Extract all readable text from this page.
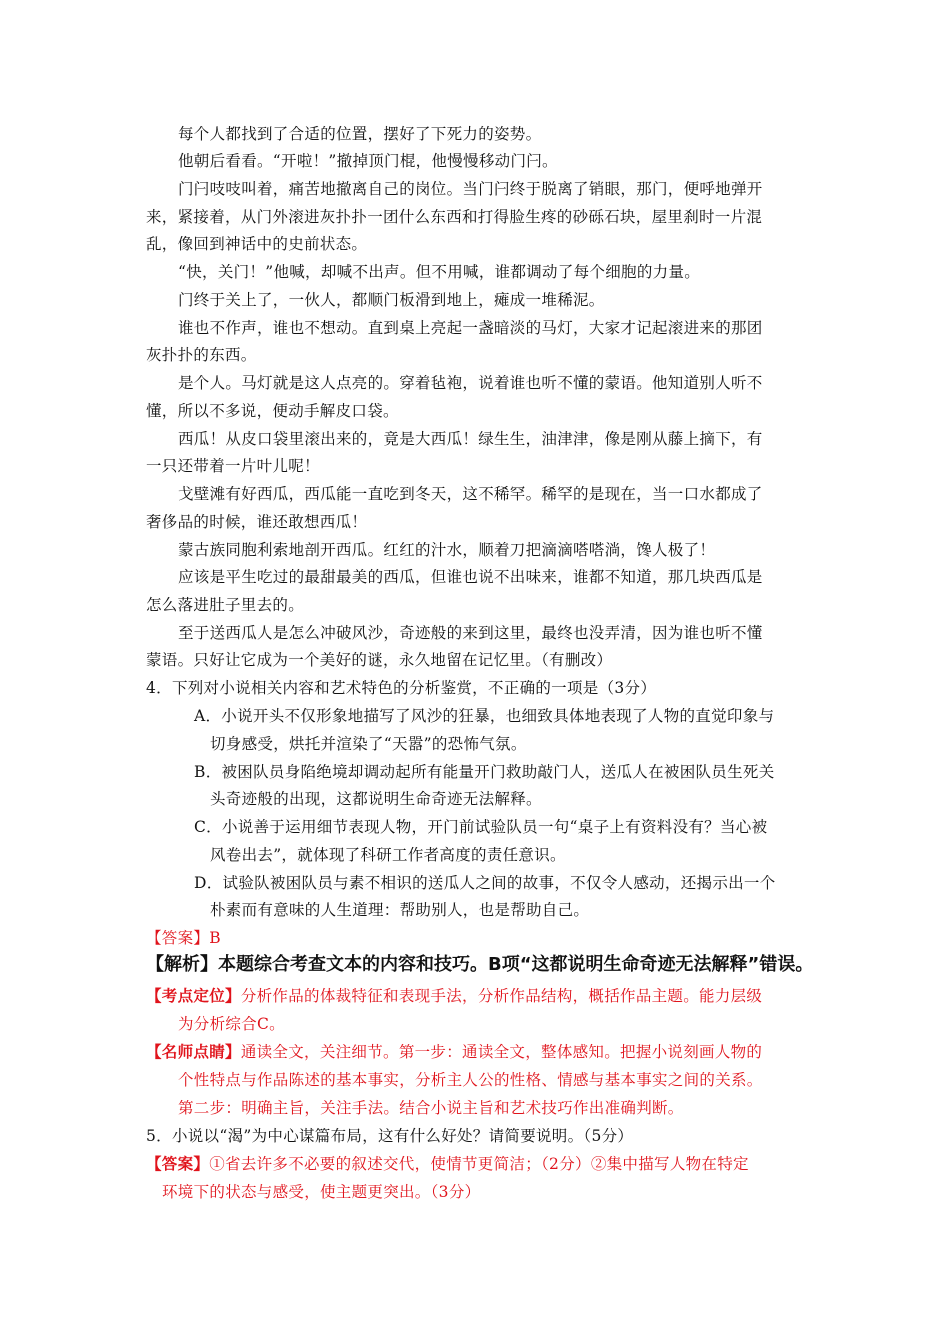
每个人都找到了合适的位置，摆好了下死力的姿势。
他朝后看看。“开啦！”撤掉顶门棍，他慢慢移动门闩。
门闩吱吱叫着，痛苦地撤离自己的岗位。当门闩终于脱离了销眼，那门，便呼地弹开
来，紧接着，从门外滚进灰扑扑一团什么东西和打得脸生疼的砂砾石块，屋里刹时一片混
乱，像回到神话中的史前状态。
“快，关门！”他喊，却喊不出声。但不用喊，谁都调动了每个细胞的力量。
门终于关上了，一伙人，都顺门板滑到地上，瘫成一堆稀泥。
谁也不作声，谁也不想动。直到桌上亮起一盏暗淡的马灯，大家才记起滚进来的那团
灰扑扑的东西。
是个人。马灯就是这人点亮的。穿着毡袍，说着谁也听不懂的蒙语。他知道别人听不
懂，所以不多说，便动手解皮口袋。
西瓜！从皮口袋里滚出来的，竟是大西瓜！绿生生，油津津，像是刚从藤上摘下，有
一只还带着一片叶儿呢！
戈壁滩有好西瓜，西瓜能一直吃到冬天，这不稀罕。稀罕的是现在，当一口水都成了
奢侈品的时候，谁还敢想西瓜！
蒙古族同胞利索地剖开西瓜。红红的汁水，顺着刀把滴滴嗒嗒淌，馋人极了！
应该是平生吃过的最甜最美的西瓜，但谁也说不出味来，谁都不知道，那几块西瓜是
怎么落进肚子里去的。
至于送西瓜人是怎么冲破风沙，奇迹般的来到这里，最终也没弄清，因为谁也听不懂
蒙语。只好让它成为一个美好的谜，永久地留在记忆里。（有删改）
4．下列对小说相关内容和艺术特色的分析鉴赏，不正确的一项是（3分）
A．小说开头不仅形象地描写了风沙的狂暴，也细致具体地表现了人物的直觉印象与
切身感受，烘托并渲染了“天嚣”的恐怖气氛。
B．被困队员身陷绝境却调动起所有能量开门救助敲门人，送瓜人在被困队员生死关
头奇迹般的出现，这都说明生命奇迹无法解释。
C．小说善于运用细节表现人物，开门前试验队员一句“桌子上有资料没有？当心被
风卷出去”，就体现了科研工作者高度的责任意识。
D．试验队被困队员与素不相识的送瓜人之间的故事，不仅令人感动，还揭示出一个
朴素而有意味的人生道理：帮助别人，也是帮助自己。
【答案】B
【解析】本题综合考查文本的内容和技巧。B项“这都说明生命奇迹无法解释”错误。
【考点定位】分析作品的体裁特征和表现手法，分析作品结构，概括作品主题。能力层级
为分析综合C。
【名师点睛】通读全文，关注细节。第一步：通读全文，整体感知。把握小说刻画人物的
个性特点与作品陈述的基本事实，分析主人公的性格、情感与基本事实之间的关系。
第二步：明确主旨，关注手法。结合小说主旨和艺术技巧作出准确判断。
5．小说以“渴”为中心谋篇布局，这有什么好处？请简要说明。（5分）
【答案】①省去许多不必要的叙述交代，使情节更简洁；（2分）②集中描写人物在特定
环境下的状态与感受，使主题更突出。（3分）
